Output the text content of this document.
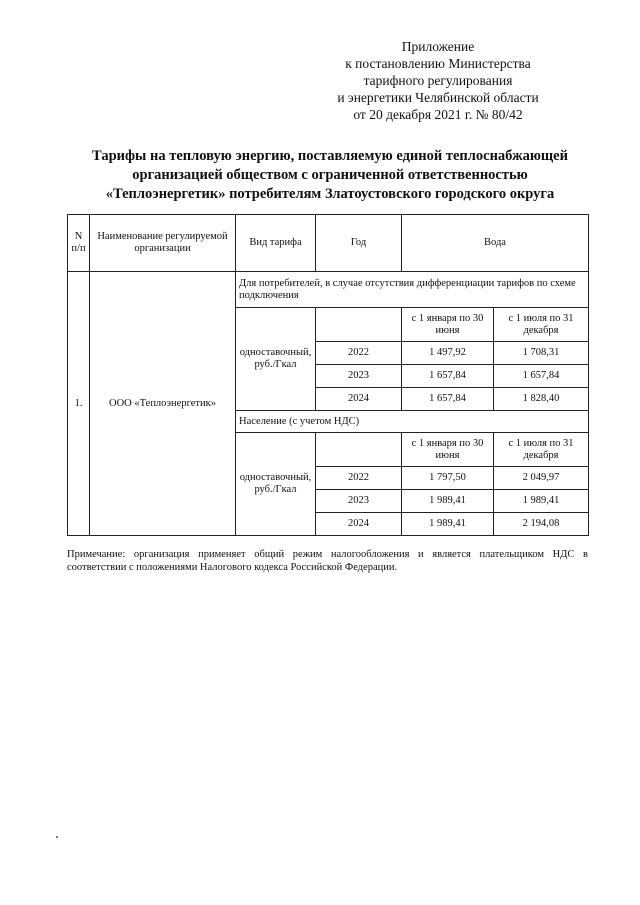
Приложение
к постановлению Министерства
тарифного регулирования
и энергетики Челябинской области
от 20 декабря 2021 г. № 80/42
Тарифы на тепловую энергию, поставляемую единой теплоснабжающей
организацией обществом с ограниченной ответственностью
«Теплоэнергетик» потребителям Златоустовского городского округа
N п/п	Наименование регулируемой организации	Вид тарифа	Год	Вода	
1.	ООО «Теплоэнергетик»	Для потребителей, в случае отсутствия дифференциации тарифов по схеме подключения			
		одноставочный, руб./Гкал		с 1 января по 30 июня	с 1 июля по 31 декабря
			2022	1 497,92	1 708,31
			2023	1 657,84	1 657,84
			2024	1 657,84	1 828,40
		Население (с учетом НДС)			
		одноставочный, руб./Гкал		с 1 января по 30 июня	с 1 июля по 31 декабря
			2022	1 797,50	2 049,97
			2023	1 989,41	1 989,41
			2024	1 989,41	2 194,08
Примечание: организация применяет общий режим налогообложения и является плательщиком НДС в соответствии с положениями Налогового кодекса Российской Федерации.
